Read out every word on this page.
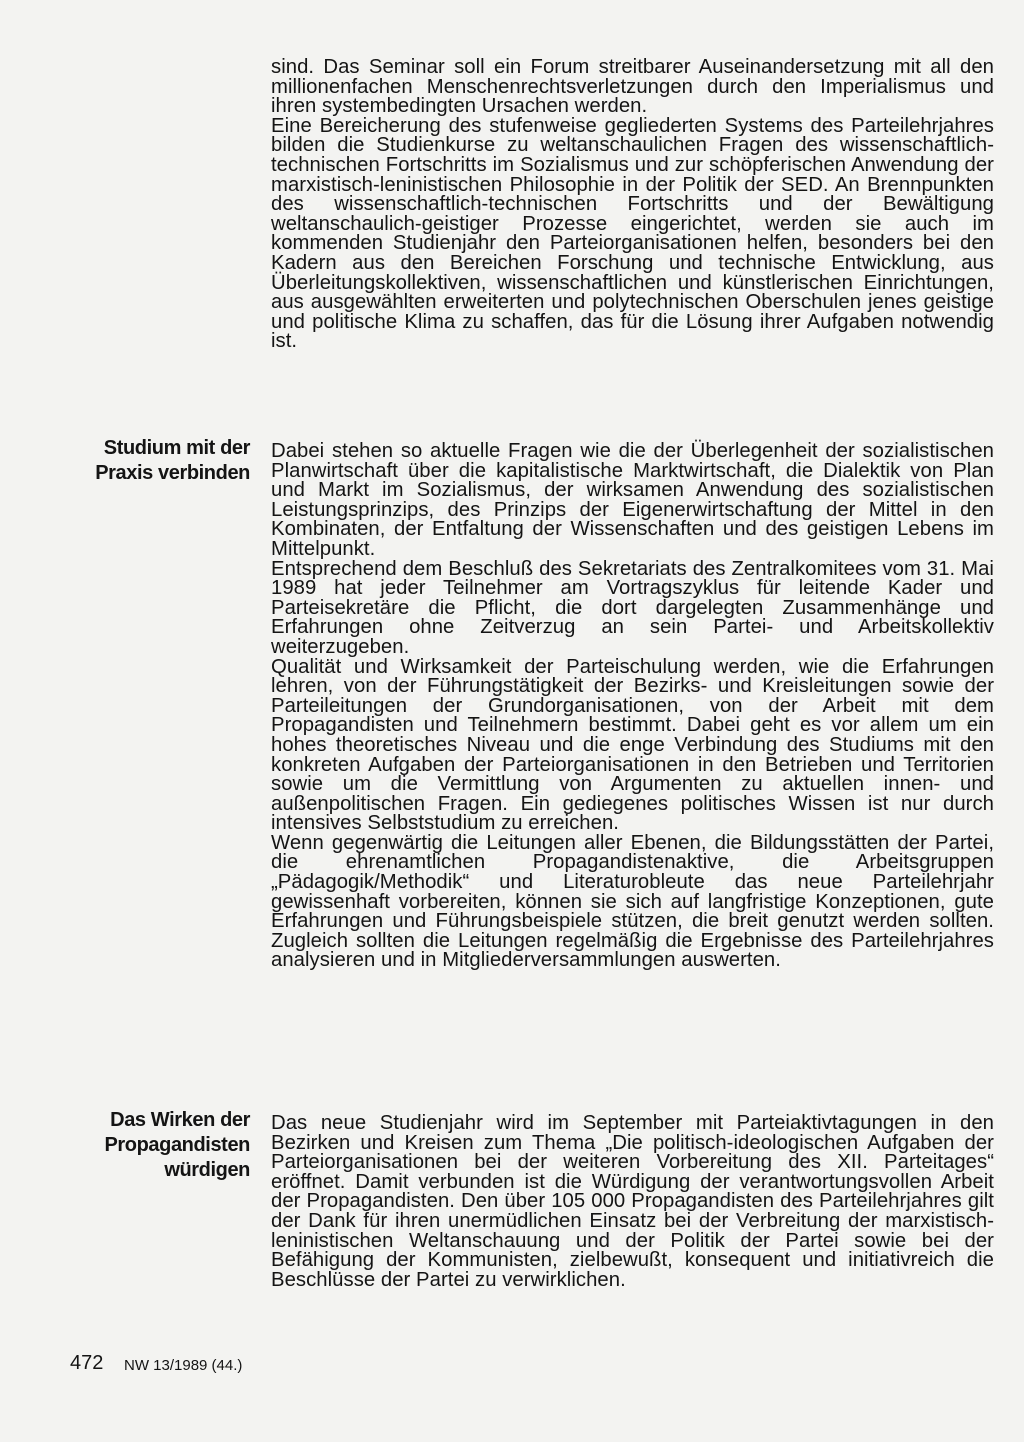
sind. Das Seminar soll ein Forum streitbarer Auseinandersetzung mit all den millionenfachen Menschenrechtsverletzungen durch den Imperialismus und ihren systembedingten Ursachen werden.

Eine Bereicherung des stufenweise gegliederten Systems des Parteilehrjahres bilden die Studienkurse zu weltanschaulichen Fragen des wissenschaftlich-technischen Fortschritts im Sozialismus und zur schöpferischen Anwendung der marxistisch-leninistischen Philosophie in der Politik der SED. An Brennpunkten des wissenschaftlich-technischen Fortschritts und der Bewältigung weltanschaulich-geistiger Prozesse eingerichtet, werden sie auch im kommenden Studienjahr den Parteiorganisationen helfen, besonders bei den Kadern aus den Bereichen Forschung und technische Entwicklung, aus Überleitungskollektiven, wissenschaftlichen und künstlerischen Einrichtungen, aus ausgewählten erweiterten und polytechnischen Oberschulen jenes geistige und politische Klima zu schaffen, das für die Lösung ihrer Aufgaben notwendig ist.

Studium mit der Praxis verbinden

Dabei stehen so aktuelle Fragen wie die der Überlegenheit der sozialistischen Planwirtschaft über die kapitalistische Marktwirtschaft, die Dialektik von Plan und Markt im Sozialismus, der wirksamen Anwendung des sozialistischen Leistungsprinzips, des Prinzips der Eigenerwirtschaftung der Mittel in den Kombinaten, der Entfaltung der Wissenschaften und des geistigen Lebens im Mittelpunkt.

Entsprechend dem Beschluß des Sekretariats des Zentralkomitees vom 31. Mai 1989 hat jeder Teilnehmer am Vortragszyklus für leitende Kader und Parteisekretäre die Pflicht, die dort dargelegten Zusammenhänge und Erfahrungen ohne Zeitverzug an sein Partei- und Arbeitskollektiv weiterzugeben.

Qualität und Wirksamkeit der Parteischulung werden, wie die Erfahrungen lehren, von der Führungstätigkeit der Bezirks- und Kreisleitungen sowie der Parteileitungen der Grundorganisationen, von der Arbeit mit dem Propagandisten und Teilnehmern bestimmt. Dabei geht es vor allem um ein hohes theoretisches Niveau und die enge Verbindung des Studiums mit den konkreten Aufgaben der Parteiorganisationen in den Betrieben und Territorien sowie um die Vermittlung von Argumenten zu aktuellen innen- und außenpolitischen Fragen. Ein gediegenes politisches Wissen ist nur durch intensives Selbststudium zu erreichen.

Wenn gegenwärtig die Leitungen aller Ebenen, die Bildungsstätten der Partei, die ehrenamtlichen Propagandistenaktive, die Arbeitsgruppen „Pädagogik/Methodik“ und Literaturobleute das neue Parteilehrjahr gewissenhaft vorbereiten, können sie sich auf langfristige Konzeptionen, gute Erfahrungen und Führungsbeispiele stützen, die breit genutzt werden sollten. Zugleich sollten die Leitungen regelmäßig die Ergebnisse des Parteilehrjahres analysieren und in Mitgliederversammlungen auswerten.

Das Wirken der Propagandisten würdigen

Das neue Studienjahr wird im September mit Parteiaktivtagungen in den Bezirken und Kreisen zum Thema „Die politisch-ideologischen Aufgaben der Parteiorganisationen bei der weiteren Vorbereitung des XII. Parteitages“ eröffnet. Damit verbunden ist die Würdigung der verantwortungsvollen Arbeit der Propagandisten. Den über 105 000 Propagandisten des Parteilehrjahres gilt der Dank für ihren unermüdlichen Einsatz bei der Verbreitung der marxistisch-leninistischen Weltanschauung und der Politik der Partei sowie bei der Befähigung der Kommunisten, zielbewußt, konsequent und initiativreich die Beschlüsse der Partei zu verwirklichen.

472 NW 13/1989 (44.)
